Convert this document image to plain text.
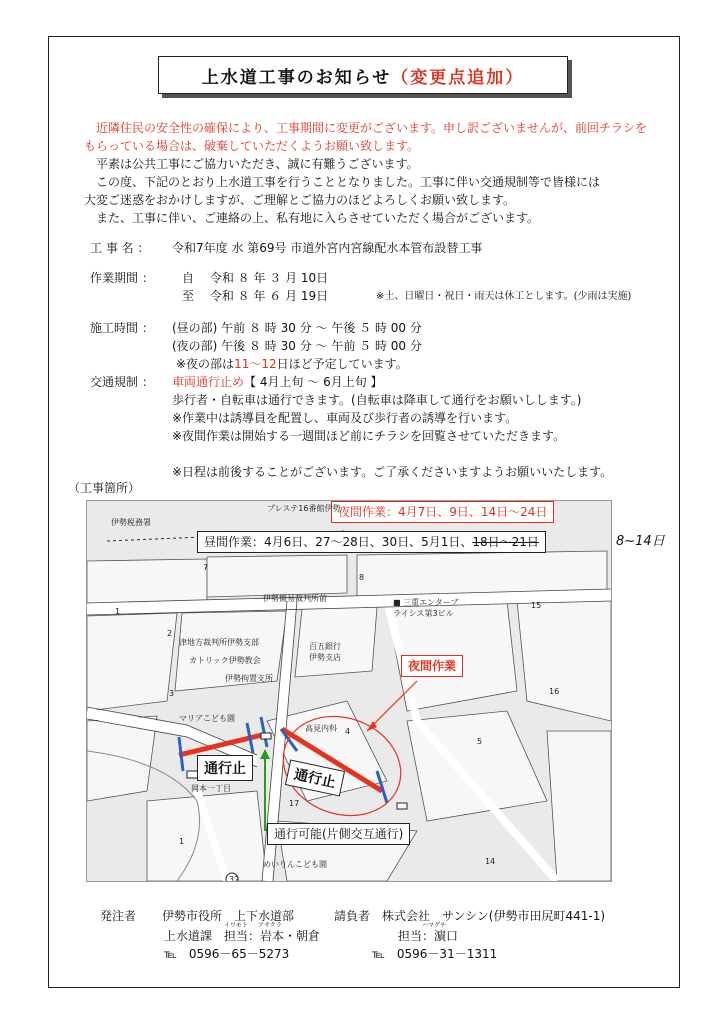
上水道工事のお知らせ （変更点追加）
近隣住民の安全性の確保により、工事期間に変更がございます。申し訳ございませんが、前回チラシを
もらっている場合は、破棄していただくようお願い致します。
平素は公共工事にご協力いただき、誠に有難うございます。
この度、下記のとおり上水道工事を行うこととなりました。工事に伴い交通規制等で皆様には
大変ご迷惑をおかけしますが、ご理解とご協力のほどよろしくお願い致します。
また、工事に伴い、ご連絡の上、私有地に入らさせていただく場合がございます。
工 事 名 ： 令和7年度 水 第69号 市道外宮内宮線配水本管布設替工事
作業期間 ： 自　 令和 ８ 年 ３ 月 10日
至　 令和 ８ 年 ６ 月 19日	※土、日曜日・祝日・雨天は休工とします。(少雨は実施)
施工時間 ： (昼の部) 午前 ８ 時 30 分 ～ 午後 ５ 時 00 分
(夜の部) 午後 ８ 時 30 分 ～ 午前 ５ 時 00 分
※夜の部は11～12日ほど予定しています。
交通規制 ： 車両通行止め【 4月上旬 ～ 6月上旬 】
歩行者・自転車は通行できます。(自転車は降車して通行をお願いしします。)
※作業中は誘導員を配置し、車両及び歩行者の誘導を行います。
※夜間作業は開始する一週間ほど前にチラシを回覧させていただきます。
※日程は前後することがございます。ご了承くださいますようお願いいたします。
（工事箇所）
夜間作業：4月7日、9日、14日～24日
昼間作業：4月6日、27～28日、30日、5月1日、18日～21日
夜間作業
通行止	通行止
通行可能(片側交互通行)
伊勢税務署
プレステ16番館伊勢
伊勢簡易裁判所前
津地方裁判所伊勢支部
カトリック伊勢教会
百五銀行
伊勢支店
伊勢拘置支所
マリアこども園
高見内科
岡本一丁目
■ 三重エンターブ
ライシス第3ビル
めいりんこども園
7
8
15
1
2
3
4
5
16
17
1
14
32
8~14日
発注者 伊勢市役所　上下水道部
イワモト アサクラ
上水道課　担当：岩本・朝倉
℡　0596－65－5273
請負者 株式会社　サンシン(伊勢市田尻町441-1)
ハマグチ
担当：濵口
℡　0596－31－1311
